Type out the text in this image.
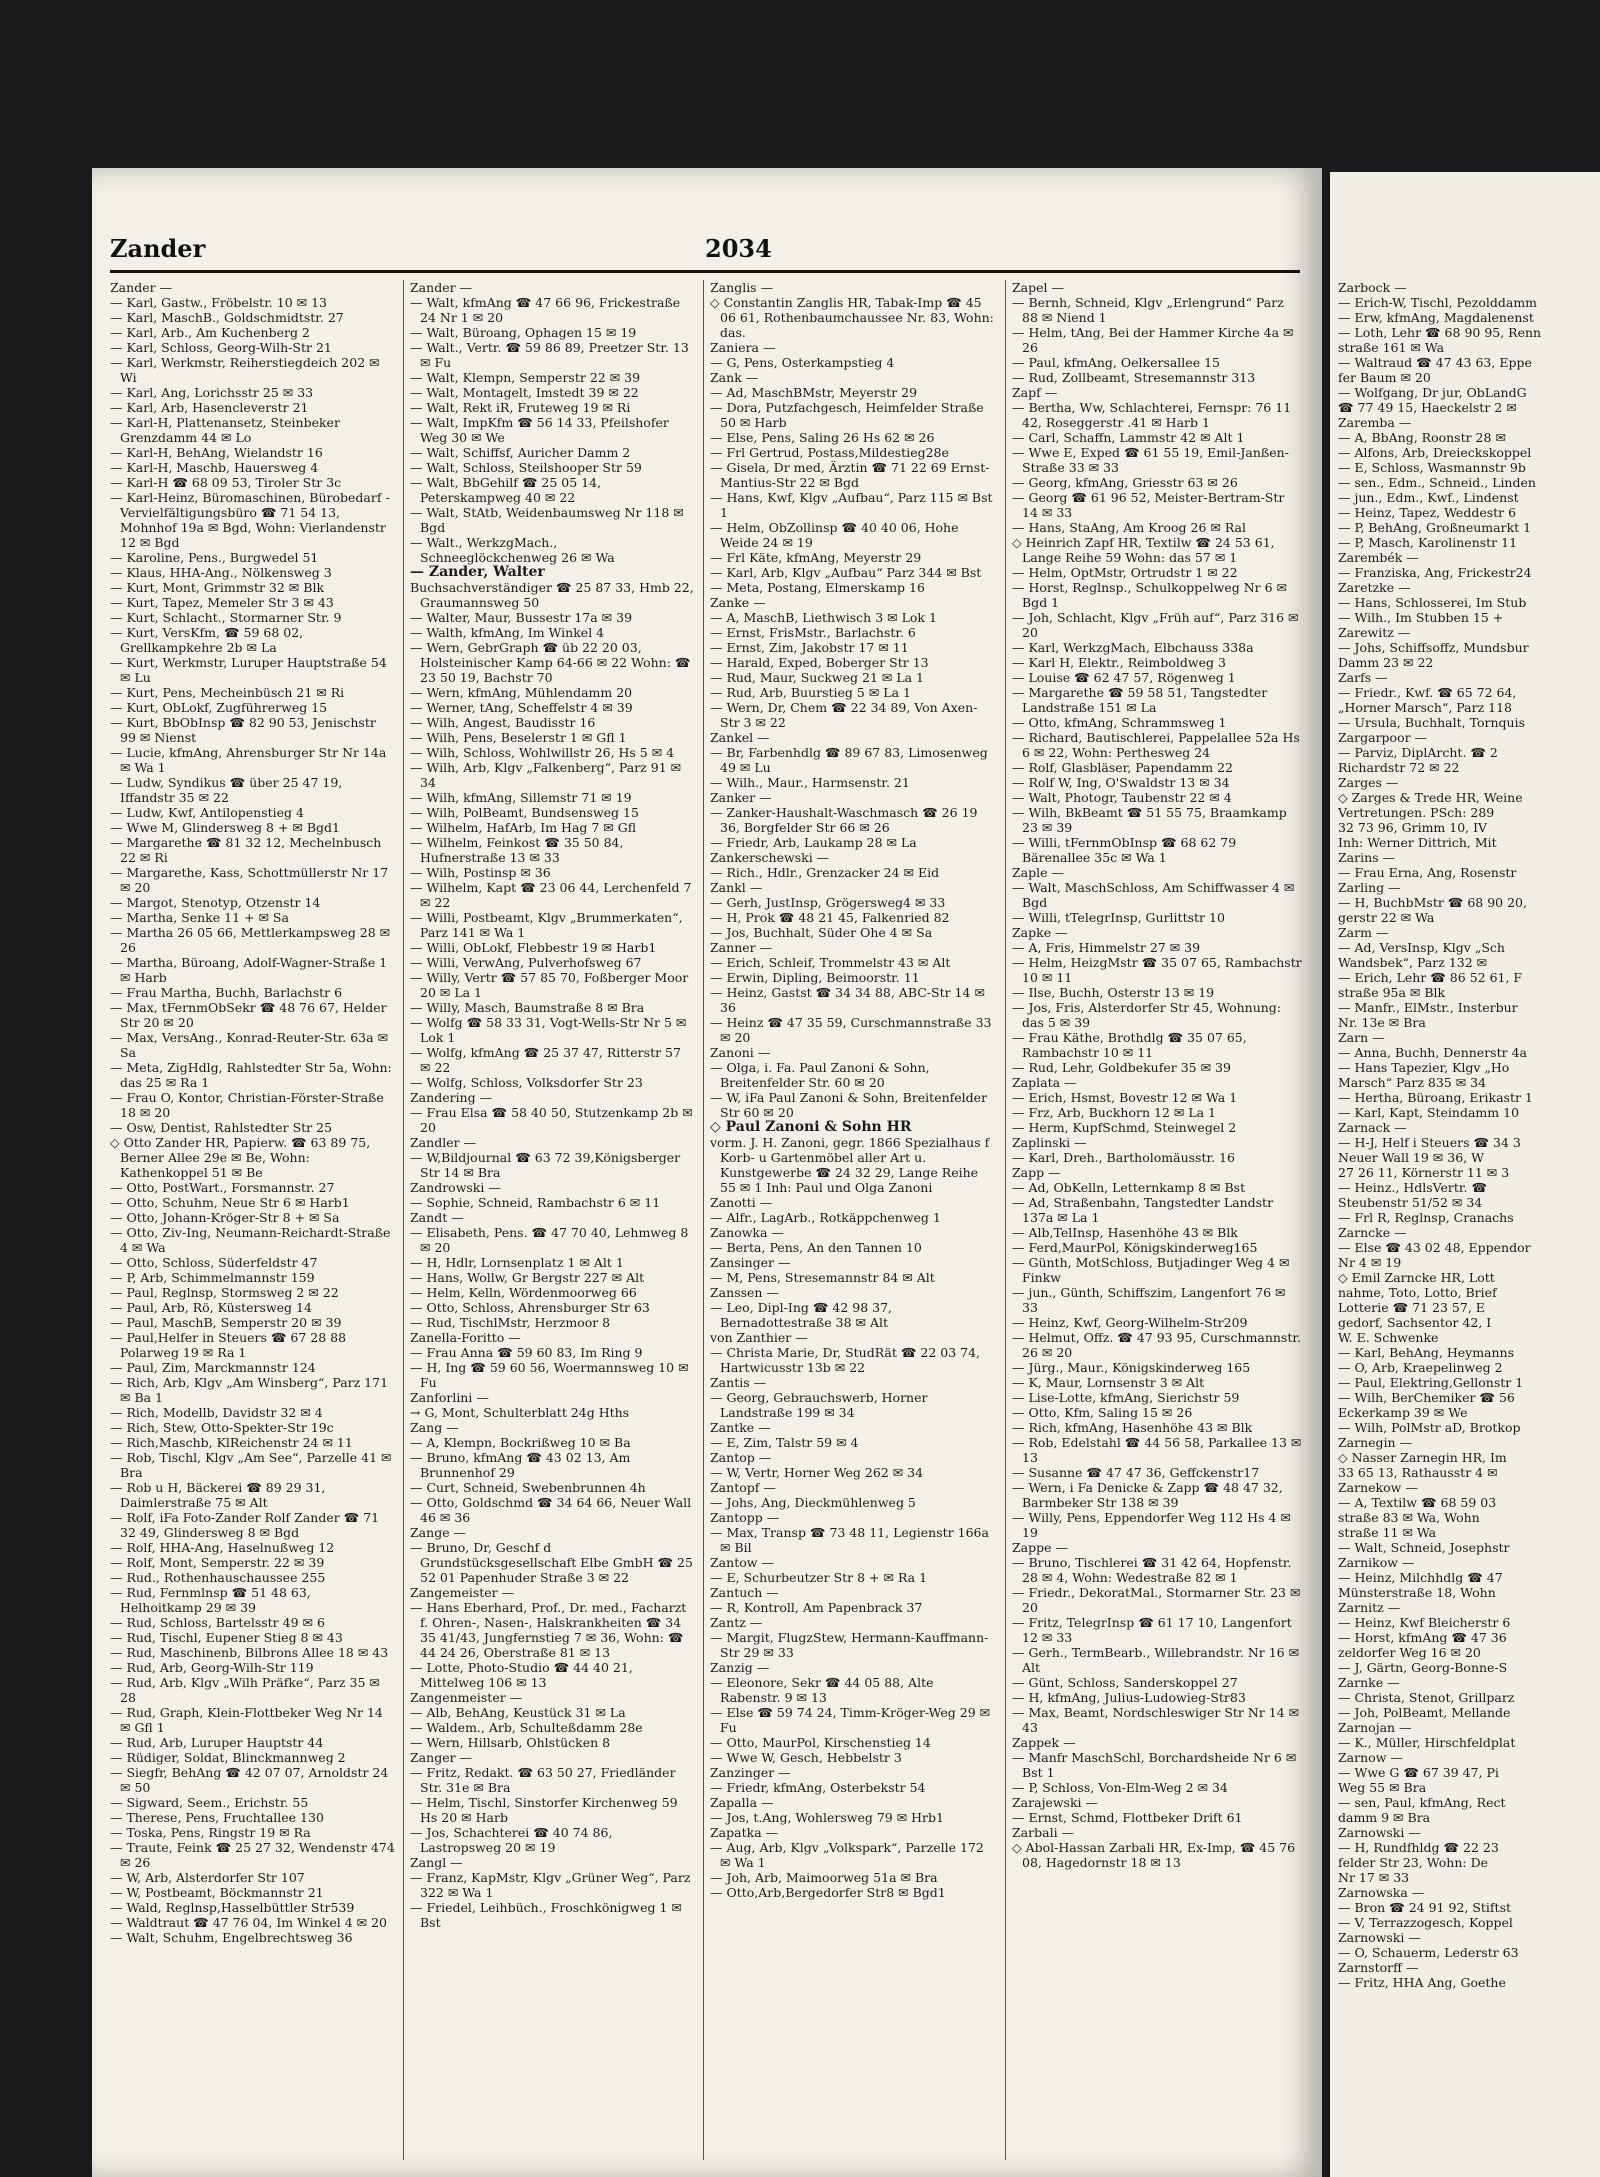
Zander	2034

Zander —

— Karl, Gastw., Fröbelstr. 10 ✉ 13

— Karl, MaschB., Goldschmidtstr. 27

— Karl, Arb., Am Kuchenberg 2

— Karl, Schloss, Georg-Wilh-Str 21

— Karl, Werkmstr, Reiherstiegdeich 202 ✉ Wi

— Karl, Ang, Lorichsstr 25 ✉ 33

— Karl, Arb, Hasencleverstr 21

— Karl-H, Plattenansetz, Steinbeker Grenzdamm 44 ✉ Lo

— Karl-H, BehAng, Wielandstr 16

— Karl-H, Maschb, Hauersweg 4

— Karl-H ☎ 68 09 53, Tiroler Str 3c

— Karl-Heinz, Büromaschinen, Bürobedarf - Vervielfältigungsbüro ☎ 71 54 13, Mohnhof 19a ✉ Bgd, Wohn: Vierlandenstr 12 ✉ Bgd

— Karoline, Pens., Burgwedel 51

— Klaus, HHA-Ang., Nölkensweg 3

— Kurt, Mont, Grimmstr 32 ✉ Blk

— Kurt, Tapez, Memeler Str 3 ✉ 43

— Kurt, Schlacht., Stormarner Str. 9

— Kurt, VersKfm, ☎ 59 68 02, Grellkampkehre 2b ✉ La

— Kurt, Werkmstr, Luruper Hauptstraße 54 ✉ Lu

— Kurt, Pens, Mecheinbüsch 21 ✉ Ri

— Kurt, ObLokf, Zugführerweg 15

— Kurt, BbObInsp ☎ 82 90 53, Jenischstr 99 ✉ Nienst

— Lucie, kfmAng, Ahrensburger Str Nr 14a ✉ Wa 1

— Ludw, Syndikus ☎ über 25 47 19, Iffandstr 35 ✉ 22

— Ludw, Kwf, Antilopenstieg 4

— Wwe M, Glindersweg 8 + ✉ Bgd1

— Margarethe ☎ 81 32 12, Mechelnbusch 22 ✉ Ri

— Margarethe, Kass, Schottmüllerstr Nr 17 ✉ 20

— Margot, Stenotyp, Otzenstr 14

— Martha, Senke 11 + ✉ Sa

— Martha 26 05 66, Mettlerkampsweg 28 ✉ 26

— Martha, Büroang, Adolf-Wagner-Straße 1 ✉ Harb

— Frau Martha, Buchh, Barlachstr 6

— Max, tFernmObSekr ☎ 48 76 67, Helder Str 20 ✉ 20

— Max, VersAng., Konrad-Reuter-Str. 63a ✉ Sa

— Meta, ZigHdlg, Rahlstedter Str 5a, Wohn: das 25 ✉ Ra 1

— Frau O, Kontor, Christian-Förster-Straße 18 ✉ 20

— Osw, Dentist, Rahlstedter Str 25

◇ Otto Zander HR, Papierw. ☎ 63 89 75, Berner Allee 29e ✉ Be, Wohn: Kathenkoppel 51 ✉ Be

— Otto, PostWart., Forsmannstr. 27

— Otto, Schuhm, Neue Str 6 ✉ Harb1

— Otto, Johann-Kröger-Str 8 + ✉ Sa

— Otto, Ziv-Ing, Neumann-Reichardt-Straße 4 ✉ Wa

— Otto, Schloss, Süderfeldstr 47

— P, Arb, Schimmelmannstr 159

— Paul, Reglnsp, Stormsweg 2 ✉ 22

— Paul, Arb, Rö, Küstersweg 14

— Paul, MaschB, Semperstr 20 ✉ 39

— Paul,Helfer in Steuers ☎ 67 28 88 Polarweg 19 ✉ Ra 1

— Paul, Zim, Marckmannstr 124

— Rich, Arb, Klgv „Am Winsberg“, Parz 171 ✉ Ba 1

— Rich, Modellb, Davidstr 32 ✉ 4

— Rich, Stew, Otto-Spekter-Str 19c

— Rich,Maschb, KlReichenstr 24 ✉ 11

— Rob, Tischl, Klgv „Am See“, Parzelle 41 ✉ Bra

— Rob u H, Bäckerei ☎ 89 29 31, Daimlerstraße 75 ✉ Alt

— Rolf, iFa Foto-Zander Rolf Zander ☎ 71 32 49, Glindersweg 8 ✉ Bgd

— Rolf, HHA-Ang, Haselnußweg 12

— Rolf, Mont, Semperstr. 22 ✉ 39

— Rud., Rothenhauschaussee 255

— Rud, Fernmlnsp ☎ 51 48 63, Helhoitkamp 29 ✉ 39

— Rud, Schloss, Bartelsstr 49 ✉ 6

— Rud, Tischl, Eupener Stieg 8 ✉ 43

— Rud, Maschinenb, Bilbrons Allee 18 ✉ 43

— Rud, Arb, Georg-Wilh-Str 119

— Rud, Arb, Klgv „Wilh Präfke“, Parz 35 ✉ 28

— Rud, Graph, Klein-Flottbeker Weg Nr 14 ✉ Gfl 1

— Rud, Arb, Luruper Hauptstr 44

— Rüdiger, Soldat, Blinckmannweg 2

— Siegfr, BehAng ☎ 42 07 07, Arnoldstr 24 ✉ 50

— Sigward, Seem., Erichstr. 55

— Therese, Pens, Fruchtallee 130

— Toska, Pens, Ringstr 19 ✉ Ra

— Traute, Feink ☎ 25 27 32, Wendenstr 474 ✉ 26

— W, Arb, Alsterdorfer Str 107

— W, Postbeamt, Böckmannstr 21

— Wald, Reglnsp,Hasselbüttler Str539

— Waldtraut ☎ 47 76 04, Im Winkel 4 ✉ 20

— Walt, Schuhm, Engelbrechtsweg 36

Zander —

— Walt, kfmAng ☎ 47 66 96, Frickestraße 24 Nr 1 ✉ 20

— Walt, Büroang, Ophagen 15 ✉ 19

— Walt., Vertr. ☎ 59 86 89, Preetzer Str. 13 ✉ Fu

— Walt, Klempn, Semperstr 22 ✉ 39

— Walt, Montagelt, Imstedt 39 ✉ 22

— Walt, Rekt iR, Fruteweg 19 ✉ Ri

— Walt, ImpKfm ☎ 56 14 33, Pfeilshofer Weg 30 ✉ We

— Walt, Schiffsf, Auricher Damm 2

— Walt, Schloss, Steilshooper Str 59

— Walt, BbGehilf ☎ 25 05 14, Peterskampweg 40 ✉ 22

— Walt, StAtb, Weidenbaumsweg Nr 118 ✉ Bgd

— Walt., WerkzgMach., Schneeglöckchenweg 26 ✉ Wa

— Zander, Walter

Buchsachverständiger ☎ 25 87 33, Hmb 22, Graumannsweg 50

— Walter, Maur, Bussestr 17a ✉ 39

— Walth, kfmAng, Im Winkel 4

— Wern, GebrGraph ☎ üb 22 20 03, Holsteinischer Kamp 64-66 ✉ 22 Wohn: ☎ 23 50 19, Bachstr 70

— Wern, kfmAng, Mühlendamm 20

— Werner, tAng, Scheffelstr 4 ✉ 39

— Wilh, Angest, Baudisstr 16

— Wilh, Pens, Beselerstr 1 ✉ Gfl 1

— Wilh, Schloss, Wohlwillstr 26, Hs 5 ✉ 4

— Wilh, Arb, Klgv „Falkenberg“, Parz 91 ✉ 34

— Wilh, kfmAng, Sillemstr 71 ✉ 19

— Wilh, PolBeamt, Bundsensweg 15

— Wilhelm, HafArb, Im Hag 7 ✉ Gfl

— Wilhelm, Feinkost ☎ 35 50 84, Hufnerstraße 13 ✉ 33

— Wilh, Postinsp ✉ 36

— Wilhelm, Kapt ☎ 23 06 44, Lerchenfeld 7 ✉ 22

— Willi, Postbeamt, Klgv „Brummerkaten“, Parz 141 ✉ Wa 1

— Willi, ObLokf, Flebbestr 19 ✉ Harb1

— Willi, VerwAng, Pulverhofsweg 67

— Willy, Vertr ☎ 57 85 70, Foßberger Moor 20 ✉ La 1

— Willy, Masch, Baumstraße 8 ✉ Bra

— Wolfg ☎ 58 33 31, Vogt-Wells-Str Nr 5 ✉ Lok 1

— Wolfg, kfmAng ☎ 25 37 47, Ritterstr 57 ✉ 22

— Wolfg, Schloss, Volksdorfer Str 23

Zandering —

— Frau Elsa ☎ 58 40 50, Stutzenkamp 2b ✉ 20

Zandler —

— W,Bildjournal ☎ 63 72 39,Königsberger Str 14 ✉ Bra

Zandrowski —

— Sophie, Schneid, Rambachstr 6 ✉ 11

Zandt —

— Elisabeth, Pens. ☎ 47 70 40, Lehmweg 8 ✉ 20

— H, Hdlr, Lornsenplatz 1 ✉ Alt 1

— Hans, Wollw, Gr Bergstr 227 ✉ Alt

— Helm, Kelln, Wördenmoorweg 66

— Otto, Schloss, Ahrensburger Str 63

— Rud, TischlMstr, Herzmoor 8

Zanella-Foritto —

— Frau Anna ☎ 59 60 83, Im Ring 9

— H, Ing ☎ 59 60 56, Woermannsweg 10 ✉ Fu

Zanforlini —

→ G, Mont, Schulterblatt 24g Hths

Zang —

— A, Klempn, Bockrißweg 10 ✉ Ba

— Bruno, kfmAng ☎ 43 02 13, Am Brunnenhof 29

— Curt, Schneid, Swebenbrunnen 4h

— Otto, Goldschmd ☎ 34 64 66, Neuer Wall 46 ✉ 36

Zange —

— Bruno, Dr, Geschf d Grundstücksgesellschaft Elbe GmbH ☎ 25 52 01 Papenhuder Straße 3 ✉ 22

Zangemeister —

— Hans Eberhard, Prof., Dr. med., Facharzt f. Ohren-, Nasen-, Halskrankheiten ☎ 34 35 41/43, Jungfernstieg 7 ✉ 36, Wohn: ☎ 44 24 26, Oberstraße 81 ✉ 13

— Lotte, Photo-Studio ☎ 44 40 21, Mittelweg 106 ✉ 13

Zangenmeister —

— Alb, BehAng, Keustück 31 ✉ La

— Waldem., Arb, Schulteßdamm 28e

— Wern, Hillsarb, Ohlstücken 8

Zanger —

— Fritz, Redakt. ☎ 63 50 27, Friedländer Str. 31e ✉ Bra

— Helm, Tischl, Sinstorfer Kirchenweg 59 Hs 20 ✉ Harb

— Jos, Schachterei ☎ 40 74 86, Lastropsweg 20 ✉ 19

Zangl —

— Franz, KapMstr, Klgv „Grüner Weg“, Parz 322 ✉ Wa 1

— Friedel, Leihbüch., Froschkönigweg 1 ✉ Bst

Zanglis —

◇ Constantin Zanglis HR, Tabak-Imp ☎ 45 06 61, Rothenbaumchaussee Nr. 83, Wohn: das.

Zaniera —

— G, Pens, Osterkampstieg 4

Zank —

— Ad, MaschBMstr, Meyerstr 29

— Dora, Putzfachgesch, Heimfelder Straße 50 ✉ Harb

— Else, Pens, Saling 26 Hs 62 ✉ 26

— Frl Gertrud, Postass,Mildestieg28e

— Gisela, Dr med, Ärztin ☎ 71 22 69 Ernst-Mantius-Str 22 ✉ Bgd

— Hans, Kwf, Klgv „Aufbau“, Parz 115 ✉ Bst 1

— Helm, ObZollinsp ☎ 40 40 06, Hohe Weide 24 ✉ 19

— Frl Käte, kfmAng, Meyerstr 29

— Karl, Arb, Klgv „Aufbau“ Parz 344 ✉ Bst

— Meta, Postang, Elmerskamp 16

Zanke —

— A, MaschB, Liethwisch 3 ✉ Lok 1

— Ernst, FrisMstr., Barlachstr. 6

— Ernst, Zim, Jakobstr 17 ✉ 11

— Harald, Exped, Boberger Str 13

— Rud, Maur, Suckweg 21 ✉ La 1

— Rud, Arb, Buurstieg 5 ✉ La 1

— Wern, Dr, Chem ☎ 22 34 89, Von Axen-Str 3 ✉ 22

Zankel —

— Br, Farbenhdlg ☎ 89 67 83, Limosenweg 49 ✉ Lu

— Wilh., Maur., Harmsenstr. 21

Zanker —

— Zanker-Haushalt-Waschmasch ☎ 26 19 36, Borgfelder Str 66 ✉ 26

— Friedr, Arb, Laukamp 28 ✉ La

Zankerschewski —

— Rich., Hdlr., Grenzacker 24 ✉ Eid

Zankl —

— Gerh, JustInsp, Grögersweg4 ✉ 33

— H, Prok ☎ 48 21 45, Falkenried 82

— Jos, Buchhalt, Süder Ohe 4 ✉ Sa

Zanner —

— Erich, Schleif, Trommelstr 43 ✉ Alt

— Erwin, Dipling, Beimoorstr. 11

— Heinz, Gastst ☎ 34 34 88, ABC-Str 14 ✉ 36

— Heinz ☎ 47 35 59, Curschmannstraße 33 ✉ 20

Zanoni —

— Olga, i. Fa. Paul Zanoni & Sohn, Breitenfelder Str. 60 ✉ 20

— W, iFa Paul Zanoni & Sohn, Breitenfelder Str 60 ✉ 20

◇ Paul Zanoni & Sohn HR

vorm. J. H. Zanoni, gegr. 1866 Spezialhaus f Korb- u Gartenmöbel aller Art u. Kunstgewerbe ☎ 24 32 29, Lange Reihe 55 ✉ 1 Inh: Paul und Olga Zanoni

Zanotti —

— Alfr., LagArb., Rotkäppchenweg 1

Zanowka —

— Berta, Pens, An den Tannen 10

Zansinger —

— M, Pens, Stresemannstr 84 ✉ Alt

Zanssen —

— Leo, Dipl-Ing ☎ 42 98 37, Bernadottestraße 38 ✉ Alt

von Zanthier —

— Christa Marie, Dr, StudRät ☎ 22 03 74, Hartwicusstr 13b ✉ 22

Zantis —

— Georg, Gebrauchswerb, Horner Landstraße 199 ✉ 34

Zantke —

— E, Zim, Talstr 59 ✉ 4

Zantop —

— W, Vertr, Horner Weg 262 ✉ 34

Zantopf —

— Johs, Ang, Dieckmühlenweg 5

Zantopp —

— Max, Transp ☎ 73 48 11, Legienstr 166a ✉ Bil

Zantow —

— E, Schurbeutzer Str 8 + ✉ Ra 1

Zantuch —

— R, Kontroll, Am Papenbrack 37

Zantz —

— Margit, FlugzStew, Hermann-Kauffmann-Str 29 ✉ 33

Zanzig —

— Eleonore, Sekr ☎ 44 05 88, Alte Rabenstr. 9 ✉ 13

— Else ☎ 59 74 24, Timm-Kröger-Weg 29 ✉ Fu

— Otto, MaurPol, Kirschenstieg 14

— Wwe W, Gesch, Hebbelstr 3

Zanzinger —

— Friedr, kfmAng, Osterbekstr 54

Zapalla —

— Jos, t.Ang, Wohlersweg 79 ✉ Hrb1

Zapatka —

— Aug, Arb, Klgv „Volkspark“, Parzelle 172 ✉ Wa 1

— Joh, Arb, Maimoorweg 51a ✉ Bra

— Otto,Arb,Bergedorfer Str8 ✉ Bgd1

Zapel —

— Bernh, Schneid, Klgv „Erlengrund“ Parz 88 ✉ Niend 1

— Helm, tAng, Bei der Hammer Kirche 4a ✉ 26

— Paul, kfmAng, Oelkersallee 15

— Rud, Zollbeamt, Stresemannstr 313

Zapf —

— Bertha, Ww, Schlachterei, Fernspr: 76 11 42, Roseggerstr .41 ✉ Harb 1

— Carl, Schaffn, Lammstr 42 ✉ Alt 1

— Wwe E, Exped ☎ 61 55 19, Emil-Janßen-Straße 33 ✉ 33

— Georg, kfmAng, Griesstr 63 ✉ 26

— Georg ☎ 61 96 52, Meister-Bertram-Str 14 ✉ 33

— Hans, StaAng, Am Kroog 26 ✉ Ral

◇ Heinrich Zapf HR, Textilw ☎ 24 53 61, Lange Reihe 59 Wohn: das 57 ✉ 1

— Helm, OptMstr, Ortrudstr 1 ✉ 22

— Horst, Reglnsp., Schulkoppelweg Nr 6 ✉ Bgd 1

— Joh, Schlacht, Klgv „Früh auf“, Parz 316 ✉ 20

— Karl, WerkzgMach, Elbchauss 338a

— Karl H, Elektr., Reimboldweg 3

— Louise ☎ 62 47 57, Rögenweg 1

— Margarethe ☎ 59 58 51, Tangstedter Landstraße 151 ✉ La

— Otto, kfmAng, Schrammsweg 1

— Richard, Bautischlerei, Pappelallee 52a Hs 6 ✉ 22, Wohn: Perthesweg 24

— Rolf, Glasbläser, Papendamm 22

— Rolf W, Ing, O'Swaldstr 13 ✉ 34

— Walt, Photogr, Taubenstr 22 ✉ 4

— Wilh, BkBeamt ☎ 51 55 75, Braamkamp 23 ✉ 39

— Willi, tFernmObInsp ☎ 68 62 79 Bärenallee 35c ✉ Wa 1

Zaple —

— Walt, MaschSchloss, Am Schiffwasser 4 ✉ Bgd

— Willi, tTelegrInsp, Gurlittstr 10

Zapke —

— A, Fris, Himmelstr 27 ✉ 39

— Helm, HeizgMstr ☎ 35 07 65, Rambachstr 10 ✉ 11

— Ilse, Buchh, Osterstr 13 ✉ 19

— Jos, Fris, Alsterdorfer Str 45, Wohnung: das 5 ✉ 39

— Frau Käthe, Brothdlg ☎ 35 07 65, Rambachstr 10 ✉ 11

— Rud, Lehr, Goldbekufer 35 ✉ 39

Zaplata —

— Erich, Hsmst, Bovestr 12 ✉ Wa 1

— Frz, Arb, Buckhorn 12 ✉ La 1

— Herm, KupfSchmd, Steinwegel 2

Zaplinski —

— Karl, Dreh., Bartholomäusstr. 16

Zapp —

— Ad, ObKelln, Letternkamp 8 ✉ Bst

— Ad, Straßenbahn, Tangstedter Landstr 137a ✉ La 1

— Alb,TelInsp, Hasenhöhe 43 ✉ Blk

— Ferd,MaurPol, Königskinderweg165

— Günth, MotSchloss, Butjadinger Weg 4 ✉ Finkw

— jun., Günth, Schiffszim, Langenfort 76 ✉ 33

— Heinz, Kwf, Georg-Wilhelm-Str209

— Helmut, Offz. ☎ 47 93 95, Curschmannstr. 26 ✉ 20

— Jürg., Maur., Königskinderweg 165

— K, Maur, Lornsenstr 3 ✉ Alt

— Lise-Lotte, kfmAng, Sierichstr 59

— Otto, Kfm, Saling 15 ✉ 26

— Rich, kfmAng, Hasenhöhe 43 ✉ Blk

— Rob, Edelstahl ☎ 44 56 58, Parkallee 13 ✉ 13

— Susanne ☎ 47 47 36, Geffckenstr17

— Wern, i Fa Denicke & Zapp ☎ 48 47 32, Barmbeker Str 138 ✉ 39

— Willy, Pens, Eppendorfer Weg 112 Hs 4 ✉ 19

Zappe —

— Bruno, Tischlerei ☎ 31 42 64, Hopfenstr. 28 ✉ 4, Wohn: Wedestraße 82 ✉ 1

— Friedr., DekoratMal., Stormarner Str. 23 ✉ 20

— Fritz, TelegrInsp ☎ 61 17 10, Langenfort 12 ✉ 33

— Gerh., TermBearb., Willebrandstr. Nr 16 ✉ Alt

— Günt, Schloss, Sanderskoppel 27

— H, kfmAng, Julius-Ludowieg-Str83

— Max, Beamt, Nordschleswiger Str Nr 14 ✉ 43

Zappek —

— Manfr MaschSchl, Borchardsheide Nr 6 ✉ Bst 1

— P, Schloss, Von-Elm-Weg 2 ✉ 34

Zarajewski —

— Ernst, Schmd, Flottbeker Drift 61

Zarbali —

◇ Abol-Hassan Zarbali HR, Ex-Imp, ☎ 45 76 08, Hagedornstr 18 ✉ 13

Zarbock —
— Erich-W, Tischl, Pezolddamm
— Erw, kfmAng, Magdalenenst
— Loth, Lehr ☎ 68 90 95, Renn
straße 161 ✉ Wa
— Waltraud ☎ 47 43 63, Eppe
fer Baum ✉ 20
— Wolfgang, Dr jur, ObLandG
☎ 77 49 15, Haeckelstr 2 ✉
Zaremba —
— A, BbAng, Roonstr 28 ✉
— Alfons, Arb, Dreieckskoppel
— E, Schloss, Wasmannstr 9b
— sen., Edm., Schneid., Linden
— jun., Edm., Kwf., Lindenst
— Heinz, Tapez, Weddestr 6
— P, BehAng, Großneumarkt 1
— P, Masch, Karolinenstr 11
Zarembék —
— Franziska, Ang, Frickestr24
Zaretzke —
— Hans, Schlosserei, Im Stub
— Wilh., Im Stubben 15 +
Zarewitz —
— Johs, Schiffsoffz, Mundsbur
Damm 23 ✉ 22
Zarfs —
— Friedr., Kwf. ☎ 65 72 64,
„Horner Marsch“, Parz 118
— Ursula, Buchhalt, Tornquis
Zargarpoor —
— Parviz, DiplArcht. ☎ 2
Richardstr 72 ✉ 22
Zarges —
◇ Zarges & Trede HR, Weine
Vertretungen. PSch: 289
32 73 96, Grimm 10, IV
Inh: Werner Dittrich, Mit
Zarins —
— Frau Erna, Ang, Rosenstr
Zarling —
— H, BuchbMstr ☎ 68 90 20,
gerstr 22 ✉ Wa
Zarm —
— Ad, VersInsp, Klgv „Sch
Wandsbek“, Parz 132 ✉
— Erich, Lehr ☎ 86 52 61, F
straße 95a ✉ Blk
— Manfr., ElMstr., Insterbur
Nr. 13e ✉ Bra
Zarn —
— Anna, Buchh, Dennerstr 4a
— Hans Tapezier, Klgv „Ho
Marsch“ Parz 835 ✉ 34
— Hertha, Büroang, Erikastr 1
— Karl, Kapt, Steindamm 10
Zarnack —
— H-J, Helf i Steuers ☎ 34 3
Neuer Wall 19 ✉ 36, W
27 26 11, Körnerstr 11 ✉ 3
— Heinz., HdlsVertr. ☎
Steubenstr 51/52 ✉ 34
— Frl R, Reglnsp, Cranachs
Zarncke —
— Else ☎ 43 02 48, Eppendor
Nr 4 ✉ 19
◇ Emil Zarncke HR, Lott
nahme, Toto, Lotto, Brief
Lotterie ☎ 71 23 57, E
gedorf, Sachsentor 42, I
W. E. Schwenke
— Karl, BehAng, Heymanns
— O, Arb, Kraepelinweg 2
— Paul, Elektring,Gellonstr 1
— Wilh, BerChemiker ☎ 56
Eckerkamp 39 ✉ We
— Wilh, PolMstr aD, Brotkop
Zarnegin —
◇ Nasser Zarnegin HR, Im
33 65 13, Rathausstr 4 ✉
Zarnekow —
— A, Textilw ☎ 68 59 03
straße 83 ✉ Wa, Wohn
straße 11 ✉ Wa
— Walt, Schneid, Josephstr
Zarnikow —
— Heinz, Milchhdlg ☎ 47
Münsterstraße 18, Wohn
Zarnitz —
— Heinz, Kwf Bleicherstr 6
— Horst, kfmAng ☎ 47 36
zeldorfer Weg 16 ✉ 20
— J, Gärtn, Georg-Bonne-S
Zarnke —
— Christa, Stenot, Grillparz
— Joh, PolBeamt, Mellande
Zarnojan —
— K., Müller, Hirschfeldplat
Zarnow —
— Wwe G ☎ 67 39 47, Pi
Weg 55 ✉ Bra
— sen, Paul, kfmAng, Rect
damm 9 ✉ Bra
Zarnowski —
— H, Rundfhldg ☎ 22 23
felder Str 23, Wohn: De
Nr 17 ✉ 33
Zarnowska —
— Bron ☎ 24 91 92, Stiftst
— V, Terrazzogesch, Koppel
Zarnowski —
— O, Schauerm, Lederstr 63
Zarnstorff —
— Fritz, HHA Ang, Goethe
